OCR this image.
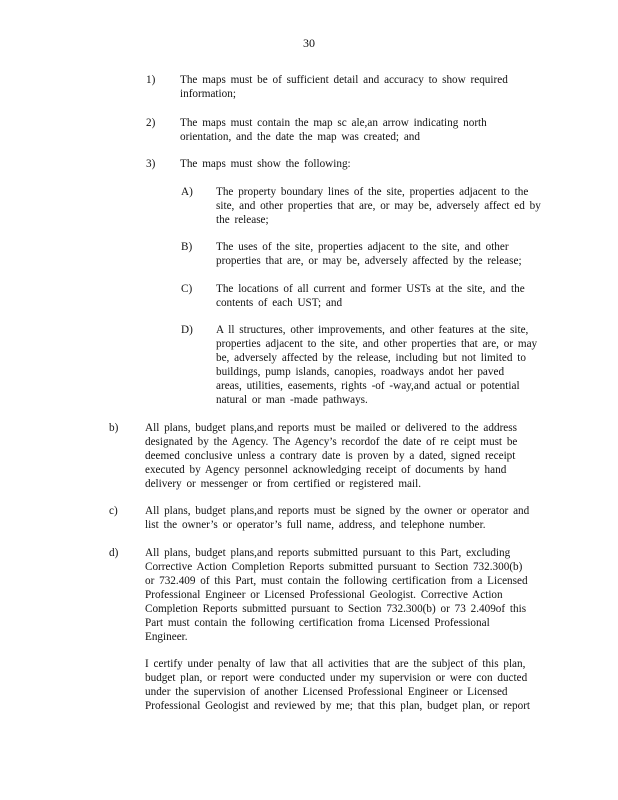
30
1) The maps must be of sufficient detail and accuracy to show required
information;
2) The maps must contain the map sc ale,an arrow indicating north
orientation, and the date the map was created; and
3) The maps must show the following:
A) The property boundary lines of the site, properties adjacent to the
site, and other properties that are, or may be, adversely affect ed by
the release;
B) The uses of the site, properties adjacent to the site, and other
properties that are, or may be, adversely affected by the release;
C) The locations of all current and former USTs at the site, and the
contents of each UST; and
D) A ll structures, other improvements, and other features at the site,
properties adjacent to the site, and other properties that are, or may
be, adversely affected by the release, including but not limited to
buildings, pump islands, canopies, roadways andot her paved
areas, utilities, easements, rights -of -way,and actual or potential
natural or man -made pathways.
b) All plans, budget plans,and reports must be mailed or delivered to the address
designated by the Agency. The Agency’s recordof the date of re ceipt must be
deemed conclusive unless a contrary date is proven by a dated, signed receipt
executed by Agency personnel acknowledging receipt of documents by hand
delivery or messenger or from certified or registered mail.
c) All plans, budget plans,and reports must be signed by the owner or operator and
list the owner’s or operator’s full name, address, and telephone number.
d) All plans, budget plans,and reports submitted pursuant to this Part, excluding
Corrective Action Completion Reports submitted pursuant to Section 732.300(b)
or 732.409 of this Part, must contain the following certification from a Licensed
Professional Engineer or Licensed Professional Geologist. Corrective Action
Completion Reports submitted pursuant to Section 732.300(b) or 73 2.409of this
Part must contain the following certification froma Licensed Professional
Engineer.
I certify under penalty of law that all activities that are the subject of this plan,
budget plan, or report were conducted under my supervision or were con ducted
under the supervision of another Licensed Professional Engineer or Licensed
Professional Geologist and reviewed by me; that this plan, budget plan, or report
